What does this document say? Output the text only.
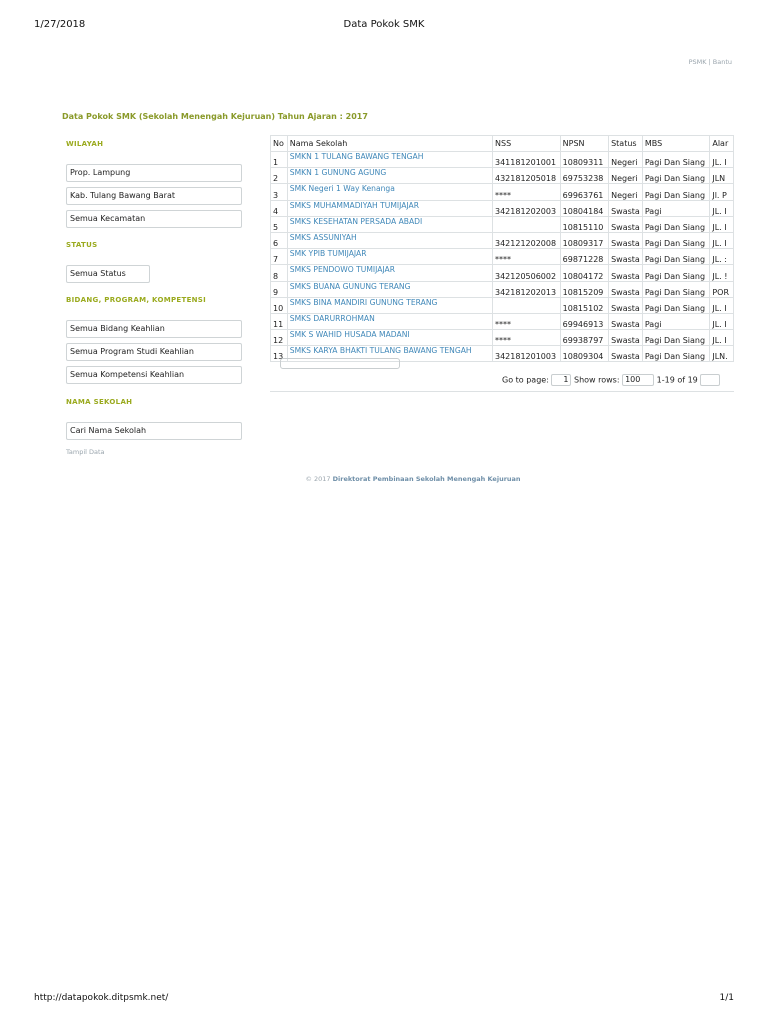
1/27/2018	Data Pokok SMK
PSMK | Bantu
Data Pokok SMK (Sekolah Menengah Kejuruan) Tahun Ajaran : 2017
WILAYAH
Prop. Lampung
Kab. Tulang Bawang Barat
Semua Kecamatan
STATUS
Semua Status
BIDANG, PROGRAM, KOMPETENSI
Semua Bidang Keahlian
Semua Program Studi Keahlian
Semua Kompetensi Keahlian
NAMA SEKOLAH
Cari Nama Sekolah
Tampil Data
No	Nama Sekolah	NSS	NPSN	Status	MBS	Alar
1	SMKN 1 TULANG BAWANG TENGAH	341181201001	10809311	Negeri	Pagi Dan Siang	JL. I
2	SMKN 1 GUNUNG AGUNG	432181205018	69753238	Negeri	Pagi Dan Siang	JLN
3	SMK Negeri 1 Way Kenanga	****	69963761	Negeri	Pagi Dan Siang	Jl. P
4	SMKS MUHAMMADIYAH TUMIJAJAR	342181202003	10804184	Swasta	Pagi	JL. I
5	SMKS KESEHATAN PERSADA ABADI		10815110	Swasta	Pagi Dan Siang	JL. I
6	SMKS ASSUNIYAH	342121202008	10809317	Swasta	Pagi Dan Siang	JL. I
7	SMK YPIB TUMIJAJAR	****	69871228	Swasta	Pagi Dan Siang	JL. :
8	SMKS PENDOWO TUMIJAJAR	342120506002	10804172	Swasta	Pagi Dan Siang	JL. !
9	SMKS BUANA GUNUNG TERANG	342181202013	10815209	Swasta	Pagi Dan Siang	POR
10	SMKS BINA MANDIRI GUNUNG TERANG		10815102	Swasta	Pagi Dan Siang	JL. I
11	SMKS DARURROHMAN	****	69946913	Swasta	Pagi	JL. I
12	SMK S WAHID HUSADA MADANI	****	69938797	Swasta	Pagi Dan Siang	JL. I
13	SMKS KARYA BHAKTI TULANG BAWANG TENGAH	342181201003	10809304	Swasta	Pagi Dan Siang	JLN.
Go to page: 1 Show rows: 100 1-19 of 19
© 2017 Direktorat Pembinaan Sekolah Menengah Kejuruan
http://datapokok.ditpsmk.net/	1/1
